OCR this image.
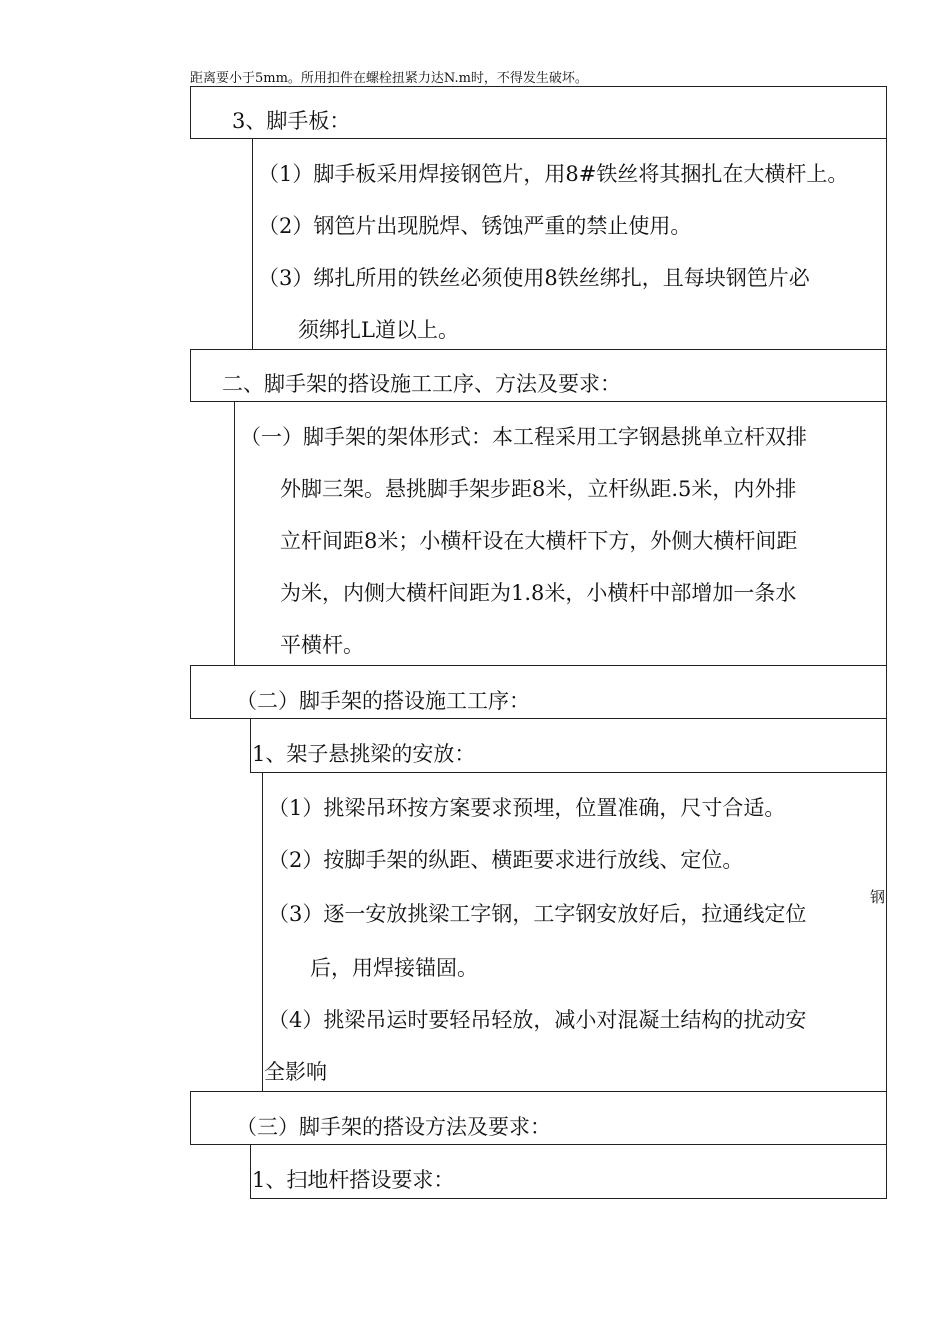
距离要小于5mm。所用扣件在螺栓扭紧力达N.m时，不得发生破坏。
3、脚手板：
（1）脚手板采用焊接钢笆片，用8#铁丝将其捆扎在大横杆上。
（2）钢笆片出现脱焊、锈蚀严重的禁止使用。
（3）绑扎所用的铁丝必须使用8铁丝绑扎，且每块钢笆片必
须绑扎L道以上。
二、脚手架的搭设施工工序、方法及要求：
（一）脚手架的架体形式：本工程采用工字钢悬挑单立杆双排
外脚三架。悬挑脚手架步距8米，立杆纵距.5米，内外排
立杆间距8米；小横杆设在大横杆下方，外侧大横杆间距
为米，内侧大横杆间距为1.8米，小横杆中部增加一条水
平横杆。
（二）脚手架的搭设施工工序：
1、架子悬挑梁的安放：
（1）挑梁吊环按方案要求预埋，位置准确，尺寸合适。
（2）按脚手架的纵距、横距要求进行放线、定位。
（3）逐一安放挑梁工字钢，工字钢安放好后，拉通线定位
钢
后，用焊接锚固。
（4）挑梁吊运时要轻吊轻放，减小对混凝土结构的扰动安
全影响
（三）脚手架的搭设方法及要求：
1、扫地杆搭设要求：
